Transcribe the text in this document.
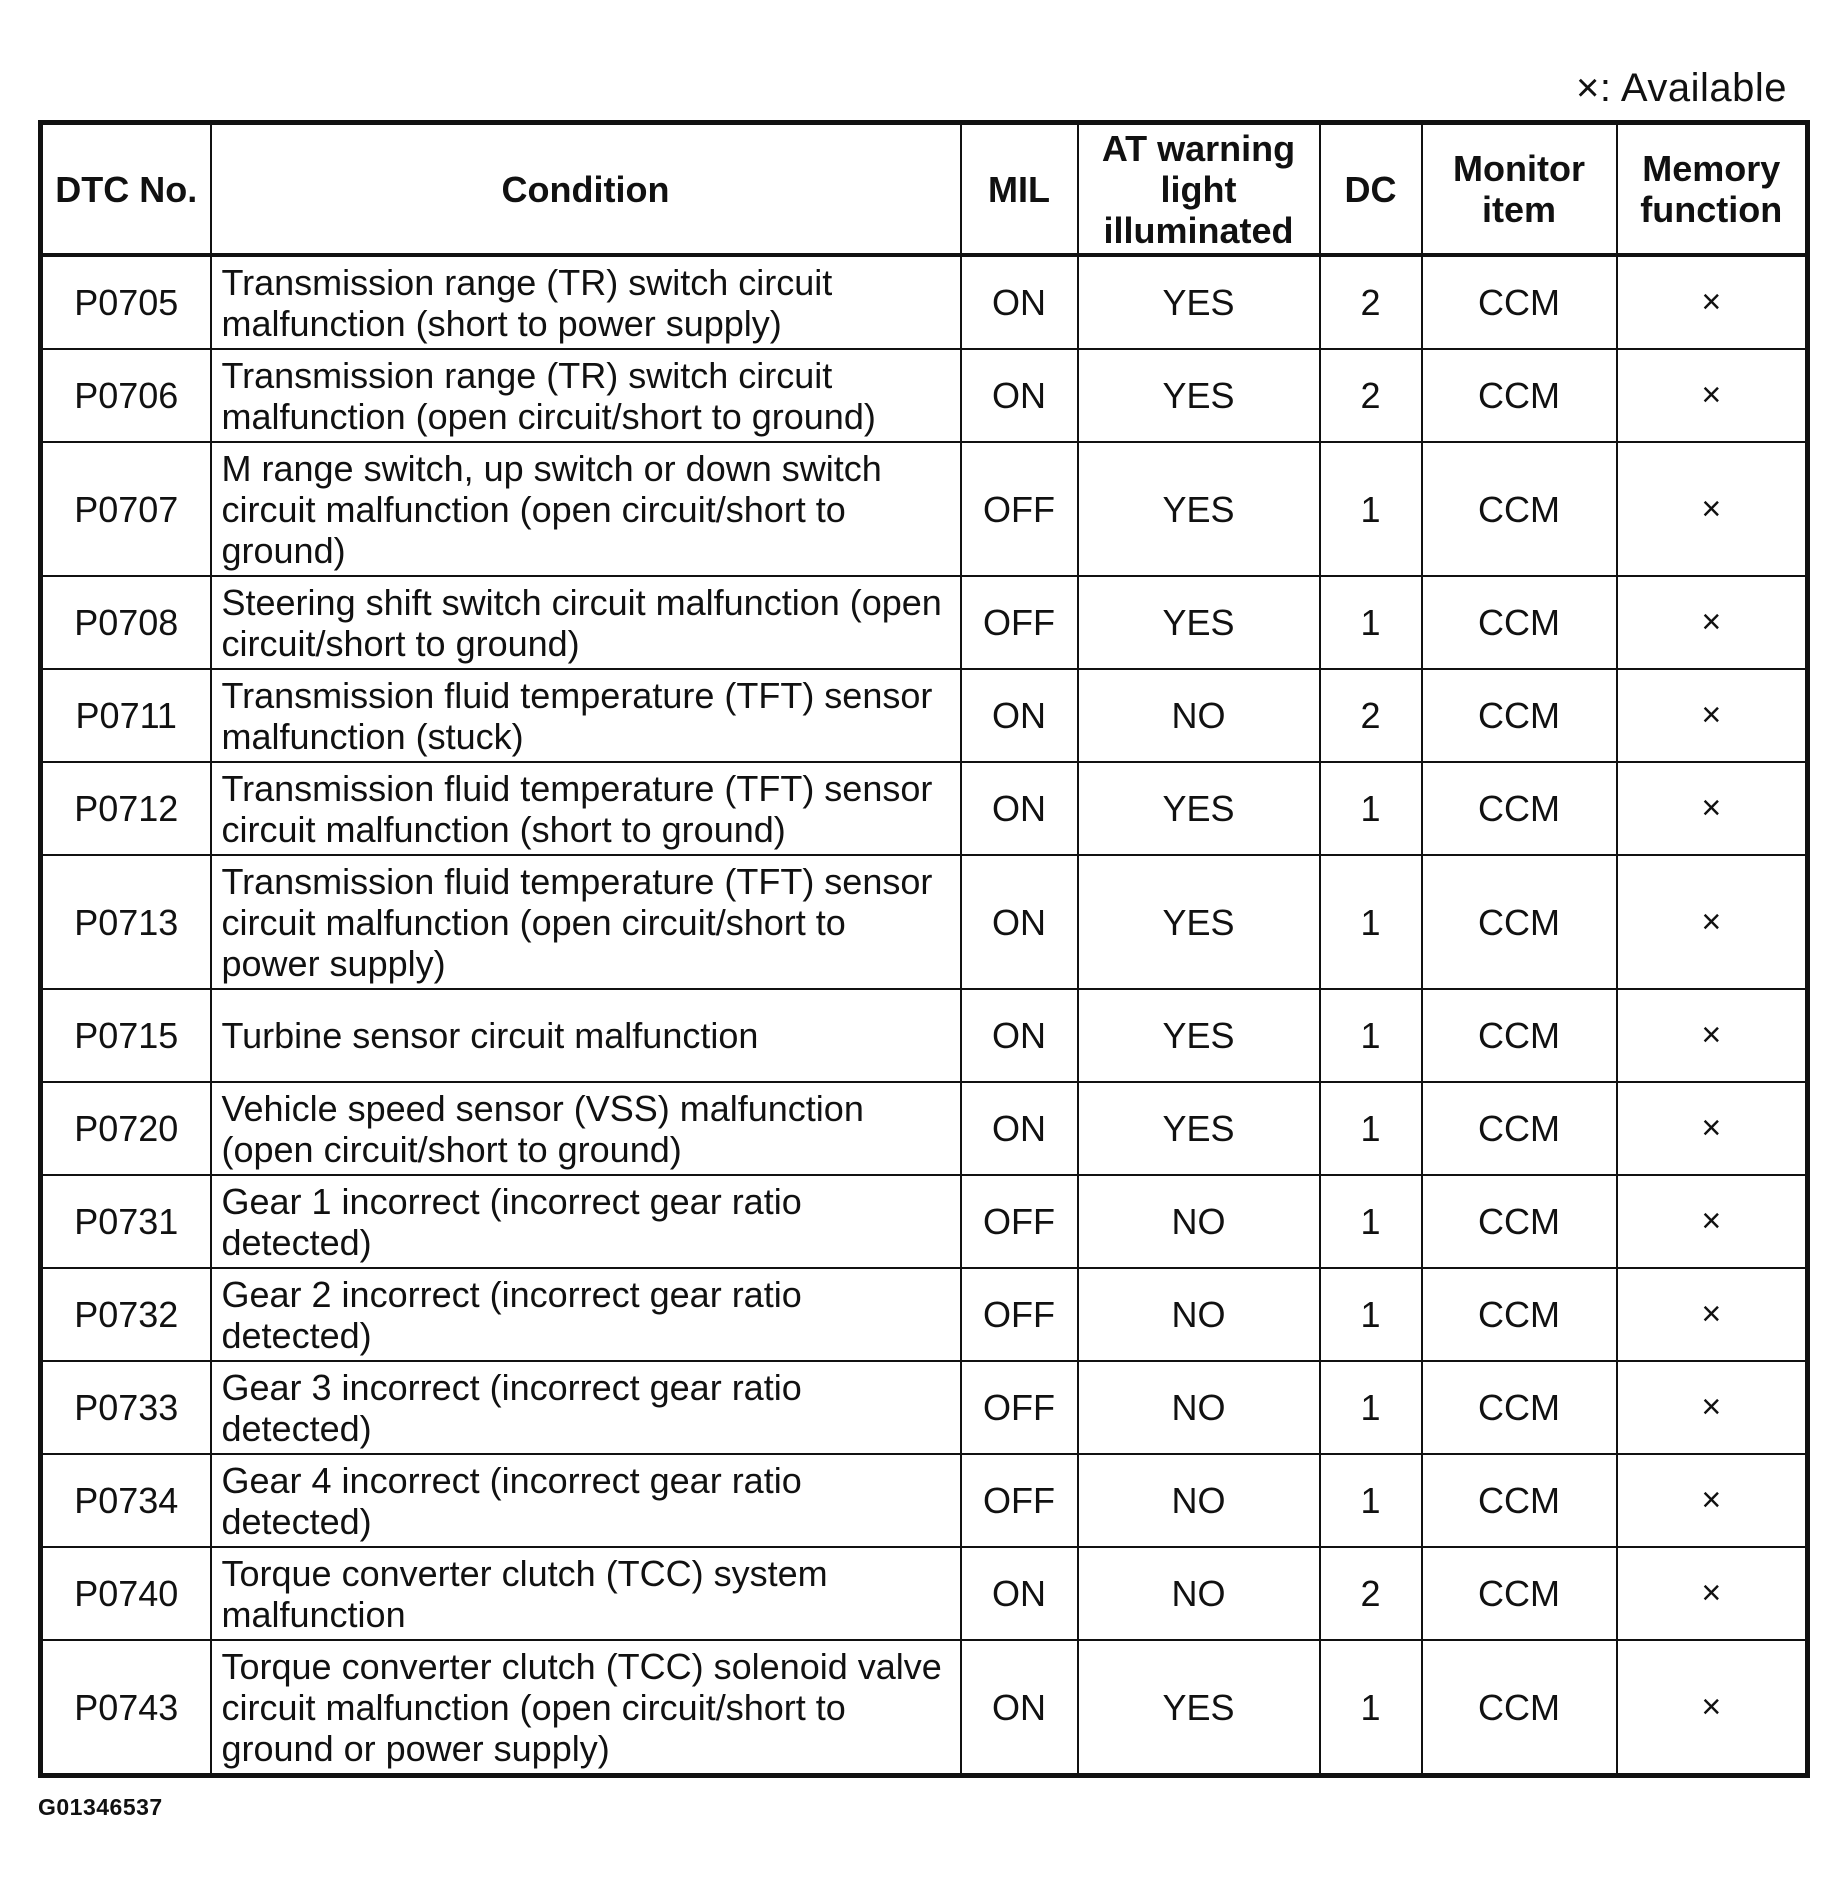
×: Available
DTC No.	Condition	MIL	AT warning light illuminated	DC	Monitor item	Memory function
P0705	Transmission range (TR) switch circuit malfunction (short to power supply)	ON	YES	2	CCM	×
P0706	Transmission range (TR) switch circuit malfunction (open circuit/short to ground)	ON	YES	2	CCM	×
P0707	M range switch, up switch or down switch circuit malfunction (open circuit/short to ground)	OFF	YES	1	CCM	×
P0708	Steering shift switch circuit malfunction (open circuit/short to ground)	OFF	YES	1	CCM	×
P0711	Transmission fluid temperature (TFT) sensor malfunction (stuck)	ON	NO	2	CCM	×
P0712	Transmission fluid temperature (TFT) sensor circuit malfunction (short to ground)	ON	YES	1	CCM	×
P0713	Transmission fluid temperature (TFT) sensor circuit malfunction (open circuit/short to power supply)	ON	YES	1	CCM	×
P0715	Turbine sensor circuit malfunction	ON	YES	1	CCM	×
P0720	Vehicle speed sensor (VSS) malfunction (open circuit/short to ground)	ON	YES	1	CCM	×
P0731	Gear 1 incorrect (incorrect gear ratio detected)	OFF	NO	1	CCM	×
P0732	Gear 2 incorrect (incorrect gear ratio detected)	OFF	NO	1	CCM	×
P0733	Gear 3 incorrect (incorrect gear ratio detected)	OFF	NO	1	CCM	×
P0734	Gear 4 incorrect (incorrect gear ratio detected)	OFF	NO	1	CCM	×
P0740	Torque converter clutch (TCC) system malfunction	ON	NO	2	CCM	×
P0743	Torque converter clutch (TCC) solenoid valve circuit malfunction (open circuit/short to ground or power supply)	ON	YES	1	CCM	×
G01346537
